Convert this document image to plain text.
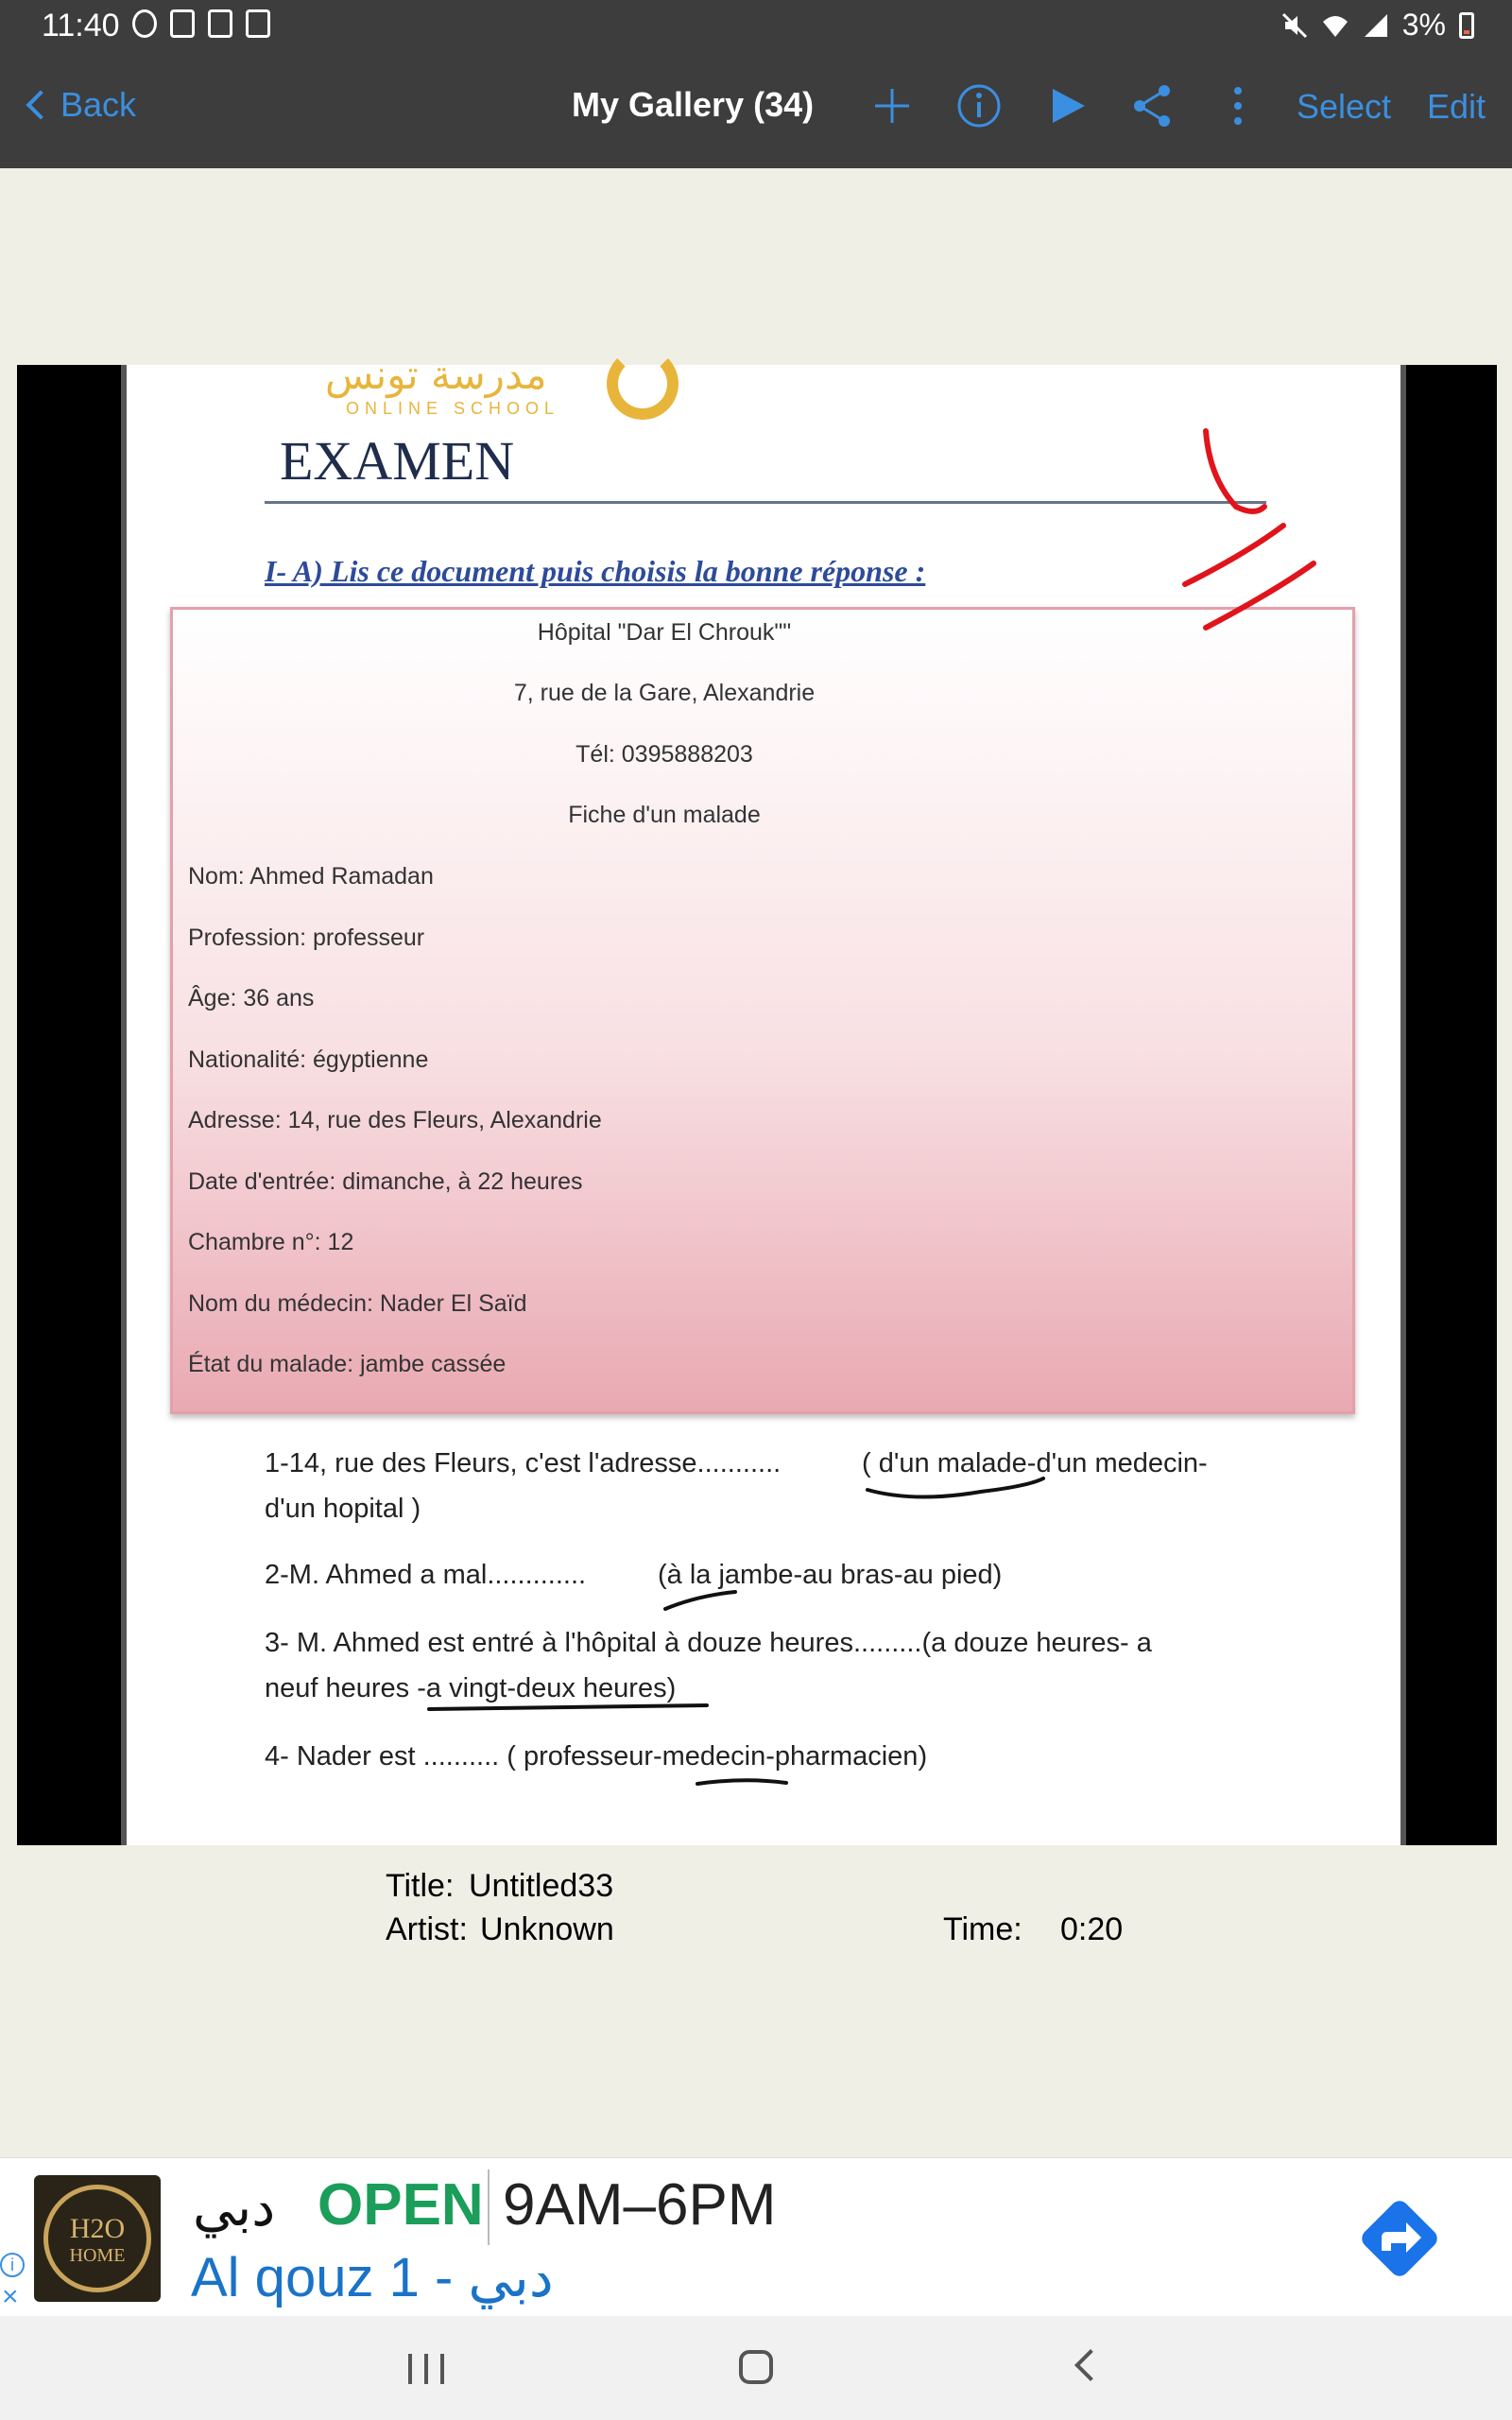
11:40	3%
Back	My Gallery (34)	Select Edit
مدرسة تونس
ONLINE SCHOOL
EXAMEN
I- A) Lis ce document puis choisis la bonne réponse :
Hôpital "Dar El Chrouk""
7, rue de la Gare, Alexandrie
Tél: 0395888203
Fiche d'un malade
Nom: Ahmed Ramadan
Profession: professeur
Âge: 36 ans
Nationalité: égyptienne
Adresse: 14, rue des Fleurs, Alexandrie
Date d'entrée: dimanche, à 22 heures
Chambre n°: 12
Nom du médecin: Nader El Saïd
État du malade: jambe cassée
1-14, rue des Fleurs, c'est l'adresse...........	( d'un malade-d'un medecin-
d'un hopital )
2-M. Ahmed a mal.............	(à la jambe-au bras-au pied)
3- M. Ahmed est entré à l'hôpital à douze heures.........(a douze heures- a
neuf heures -a vingt-deux heures)
4- Nader est .......... ( professeur-medecin-pharmacien)
Title: Untitled33
Artist: Unknown	Time: 0:20
i
×
H2O
HOME
دبي OPEN 9AM–6PM
Al qouz 1 - دبي
